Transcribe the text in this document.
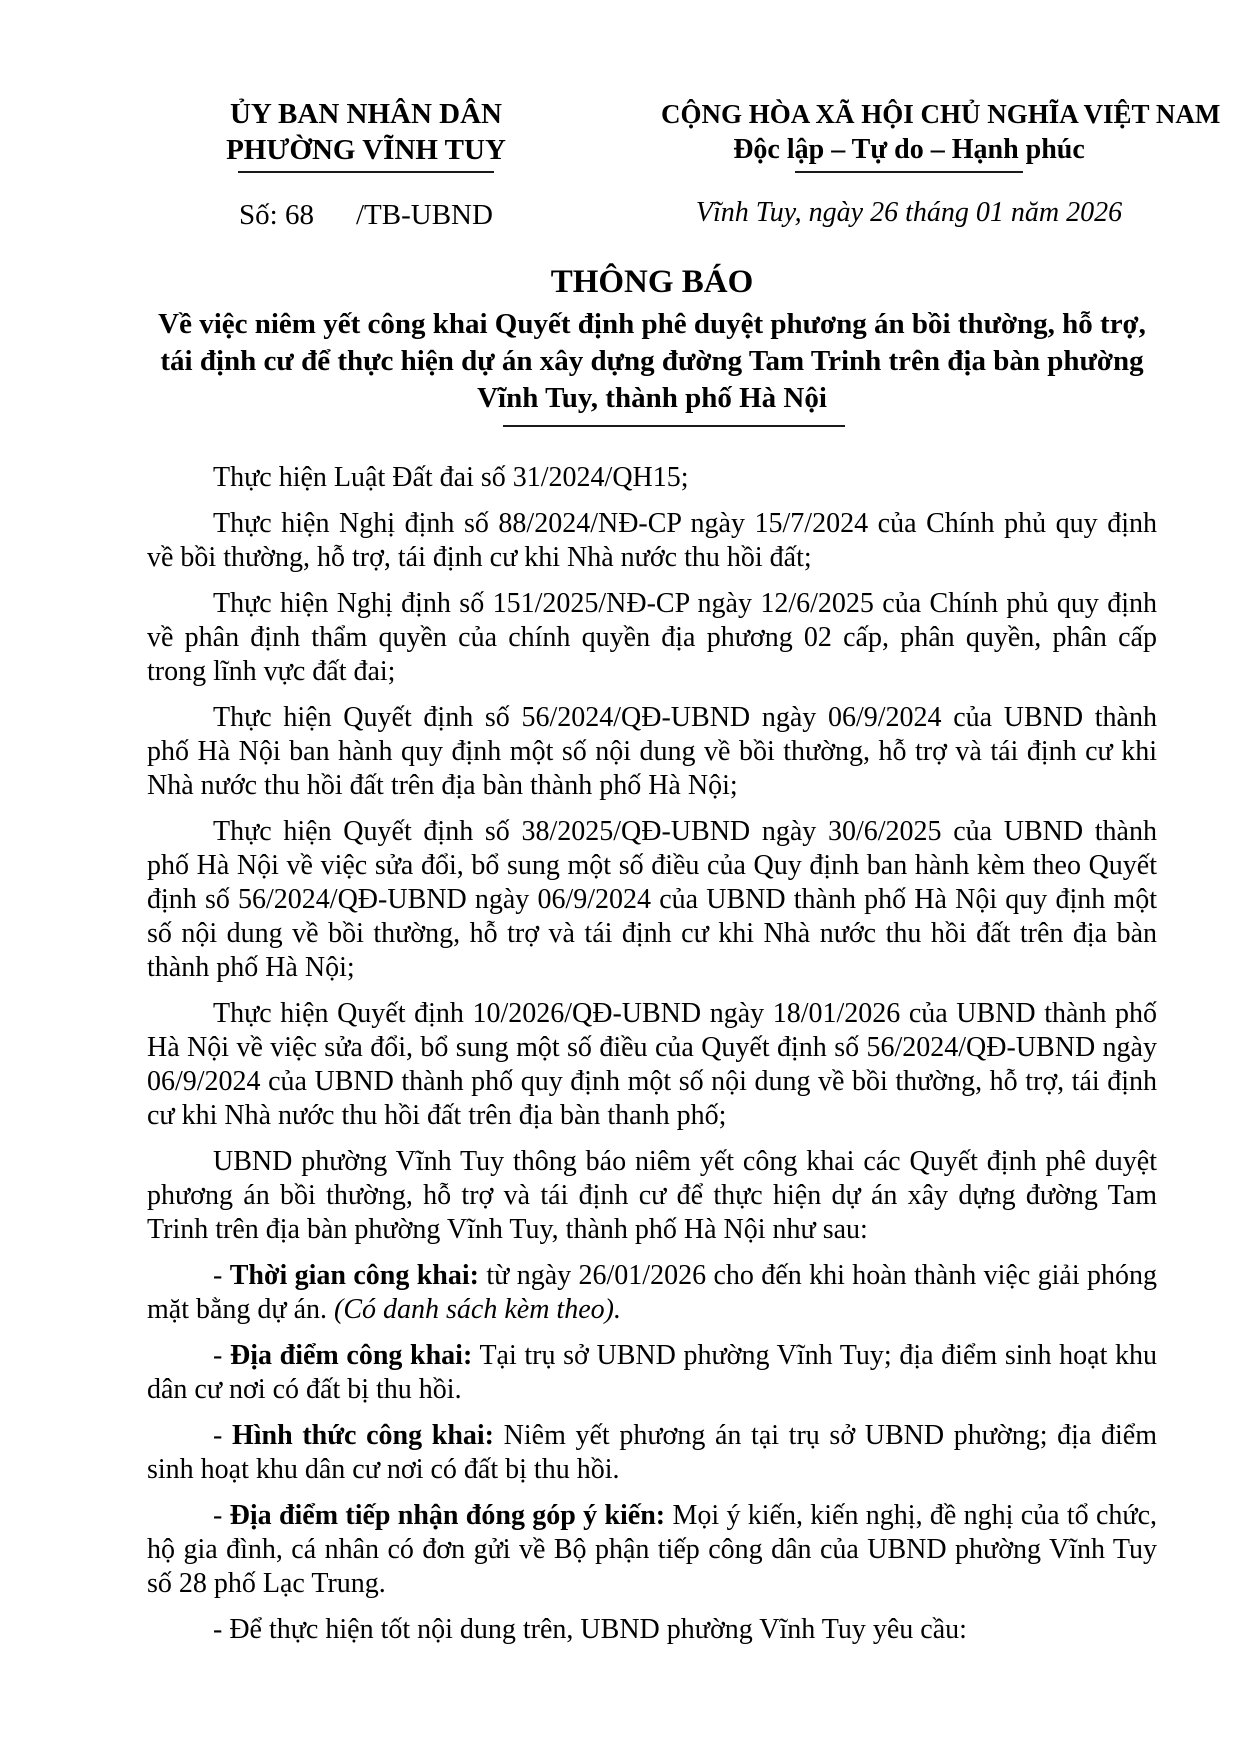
ỦY BAN NHÂN DÂN
PHƯỜNG VĨNH TUY
Số: 68 /TB-UBND
CỘNG HÒA XÃ HỘI CHỦ NGHĨA VIỆT NAM
Độc lập – Tự do – Hạnh phúc
Vĩnh Tuy, ngày 26 tháng 01 năm 2026
THÔNG BÁO
Về việc niêm yết công khai Quyết định phê duyệt phương án bồi thường, hỗ trợ,
tái định cư để thực hiện dự án xây dựng đường Tam Trinh trên địa bàn phường
Vĩnh Tuy, thành phố Hà Nội

Thực hiện Luật Đất đai số 31/2024/QH15;

Thực hiện Nghị định số 88/2024/NĐ-CP ngày 15/7/2024 của Chính phủ quy định về bồi thường, hỗ trợ, tái định cư khi Nhà nước thu hồi đất;

Thực hiện Nghị định số 151/2025/NĐ-CP ngày 12/6/2025 của Chính phủ quy định về phân định thẩm quyền của chính quyền địa phương 02 cấp, phân quyền, phân cấp trong lĩnh vực đất đai;

Thực hiện Quyết định số 56/2024/QĐ-UBND ngày 06/9/2024 của UBND thành phố Hà Nội ban hành quy định một số nội dung về bồi thường, hỗ trợ và tái định cư khi Nhà nước thu hồi đất trên địa bàn thành phố Hà Nội;

Thực hiện Quyết định số 38/2025/QĐ-UBND ngày 30/6/2025 của UBND thành phố Hà Nội về việc sửa đổi, bổ sung một số điều của Quy định ban hành kèm theo Quyết định số 56/2024/QĐ-UBND ngày 06/9/2024 của UBND thành phố Hà Nội quy định một số nội dung về bồi thường, hỗ trợ và tái định cư khi Nhà nước thu hồi đất trên địa bàn thành phố Hà Nội;

Thực hiện Quyết định 10/2026/QĐ-UBND ngày 18/01/2026 của UBND thành phố Hà Nội về việc sửa đổi, bổ sung một số điều của Quyết định số 56/2024/QĐ-UBND ngày 06/9/2024 của UBND thành phố quy định một số nội dung về bồi thường, hỗ trợ, tái định cư khi Nhà nước thu hồi đất trên địa bàn thanh phố;

UBND phường Vĩnh Tuy thông báo niêm yết công khai các Quyết định phê duyệt phương án bồi thường, hỗ trợ và tái định cư để thực hiện dự án xây dựng đường Tam Trinh trên địa bàn phường Vĩnh Tuy, thành phố Hà Nội như sau:

- Thời gian công khai: từ ngày 26/01/2026 cho đến khi hoàn thành việc giải phóng mặt bằng dự án. (Có danh sách kèm theo).

- Địa điểm công khai: Tại trụ sở UBND phường Vĩnh Tuy; địa điểm sinh hoạt khu dân cư nơi có đất bị thu hồi.

- Hình thức công khai: Niêm yết phương án tại trụ sở UBND phường; địa điểm sinh hoạt khu dân cư nơi có đất bị thu hồi.

- Địa điểm tiếp nhận đóng góp ý kiến: Mọi ý kiến, kiến nghị, đề nghị của tổ chức, hộ gia đình, cá nhân có đơn gửi về Bộ phận tiếp công dân của UBND phường Vĩnh Tuy số 28 phố Lạc Trung.

- Để thực hiện tốt nội dung trên, UBND phường Vĩnh Tuy yêu cầu:
